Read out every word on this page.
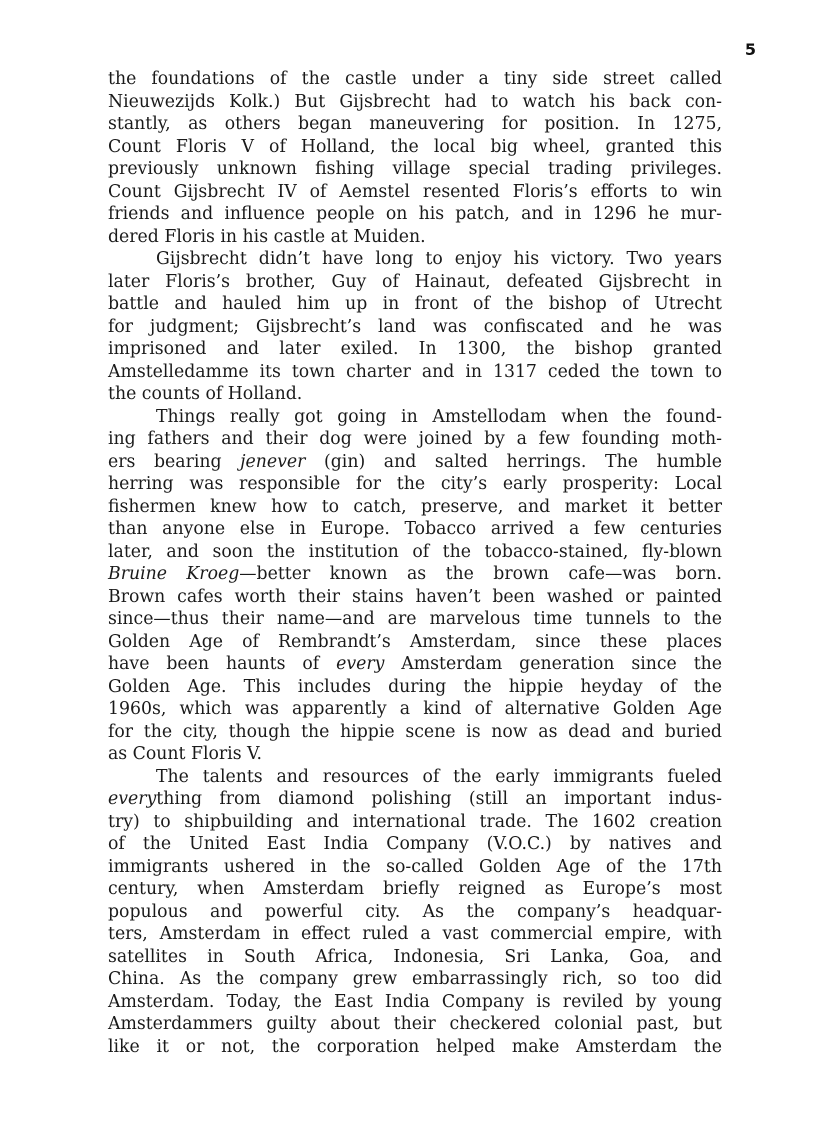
5
the foundations of the castle under a tiny side street called
Nieuwezijds Kolk.) But Gijsbrecht had to watch his back con-
stantly, as others began maneuvering for position. In 1275,
Count Floris V of Holland, the local big wheel, granted this
previously unknown fishing village special trading privileges.
Count Gijsbrecht IV of Aemstel resented Floris’s efforts to win
friends and influence people on his patch, and in 1296 he mur-
dered Floris in his castle at Muiden.
Gijsbrecht didn’t have long to enjoy his victory. Two years
later Floris’s brother, Guy of Hainaut, defeated Gijsbrecht in
battle and hauled him up in front of the bishop of Utrecht
for judgment; Gijsbrecht’s land was confiscated and he was
imprisoned and later exiled. In 1300, the bishop granted
Amstelledamme its town charter and in 1317 ceded the town to
the counts of Holland.
Things really got going in Amstellodam when the found-
ing fathers and their dog were joined by a few founding moth-
ers bearing jenever (gin) and salted herrings. The humble
herring was responsible for the city’s early prosperity: Local
fishermen knew how to catch, preserve, and market it better
than anyone else in Europe. Tobacco arrived a few centuries
later, and soon the institution of the tobacco-stained, fly-blown
Bruine Kroeg—better known as the brown cafe—was born.
Brown cafes worth their stains haven’t been washed or painted
since—thus their name—and are marvelous time tunnels to the
Golden Age of Rembrandt’s Amsterdam, since these places
have been haunts of every Amsterdam generation since the
Golden Age. This includes during the hippie heyday of the
1960s, which was apparently a kind of alternative Golden Age
for the city, though the hippie scene is now as dead and buried
as Count Floris V.
The talents and resources of the early immigrants fueled
everything from diamond polishing (still an important indus-
try) to shipbuilding and international trade. The 1602 creation
of the United East India Company (V.O.C.) by natives and
immigrants ushered in the so-called Golden Age of the 17th
century, when Amsterdam briefly reigned as Europe’s most
populous and powerful city. As the company’s headquar-
ters, Amsterdam in effect ruled a vast commercial empire, with
satellites in South Africa, Indonesia, Sri Lanka, Goa, and
China. As the company grew embarrassingly rich, so too did
Amsterdam. Today, the East India Company is reviled by young
Amsterdammers guilty about their checkered colonial past, but
like it or not, the corporation helped make Amsterdam the
